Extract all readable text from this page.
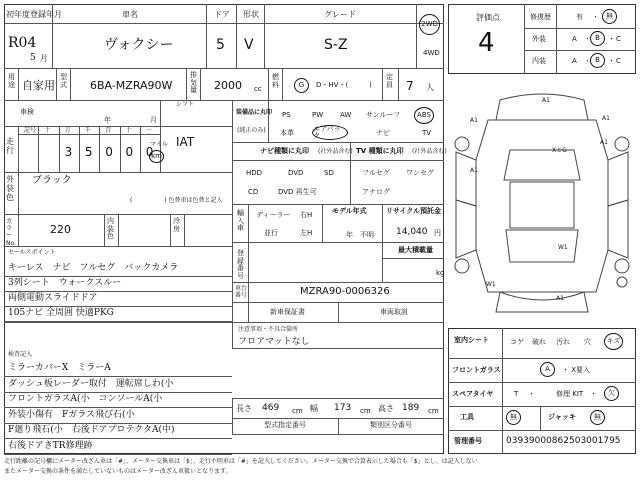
初年度登録年月
R04
5 月
車名
ヴォクシー
ドア
5
形状
V
グレード
S-Z
2WD
4WD
用途 自家用
型式 6BA-MZRA90W
排気量 2000 cc
燃料	G	D・HV・(　　　)
定員 7 人
車検
年	月
シフト
IAT
記号 十 万
3
千
5
百
0
十
0
一
0
走行
マイル
km
外装色
ブラック
( 　　　　　) 色替車は色替と記入
カラーNo.
220
内装色
冷房
セールスポイント
キーレス　ナビ　フルセグ　バックカメラ
3列シート　ウォークスルー
両側電動スライドドア
105ナビ 全周囲 快適PKG
装備品に丸印
(純正のみ)
PS	PW AW サンルーフ	ABS
本革
エアバック	ナビ	TV
ナビ種類に丸印 (社外品含む) TV 種類に丸印 (社外品含む)
HDD	DVD	SD
CD	DVD 再生可
フルセグ ワンセグ
アナログ
輸入車
ディーラー
並行
右H
左H
モデル年式
年　不明
リサイクル預託金
14,040 円
登録番号
最大積載量
kg
車台番号	MZRA90-0006326
新車保証書	車両取説
注意事項・不具合箇所
フロアマットなし
検査記入
ミラーカバーX　ミラーA
ダッシュ板レーダー取付　運転席しわ(小
フロントガラスA(小　コンソールA(小
外装小傷有　Fガラス飛び石(小
F廻り飛石(小　右後ドアプロテクタA(中)
右後ドアきTR修理跡
長さ 469 cm 幅 173 cm 高さ 189 cm
型式指定番号	類別区分番号
評価点
4
修復歴	有 ・	無
外装	A ・ B	・ C
内装	A ・ B	・ C
A1
A1	A1
A1
XとG
A1
W1
W1
A1
室内シート	コゲ 破れ 汚れ 穴	キズ
フロントガラス	A	・ X要入
スペアタイヤ	T ・	修理 KIT ・	欠
工具	無	ジャッキ	無
管理番号	0393900086250300​1795
走行距離の記号欄にメーター改ざん車は「#」、メーター交換車は「$」、走行不明車は「#」を記入してください。メーター交換で合算表示した場合も「$」とし、は記入しない
またメーター交換の条件を満たしていないものはメーター改ざん車扱いとなります。
